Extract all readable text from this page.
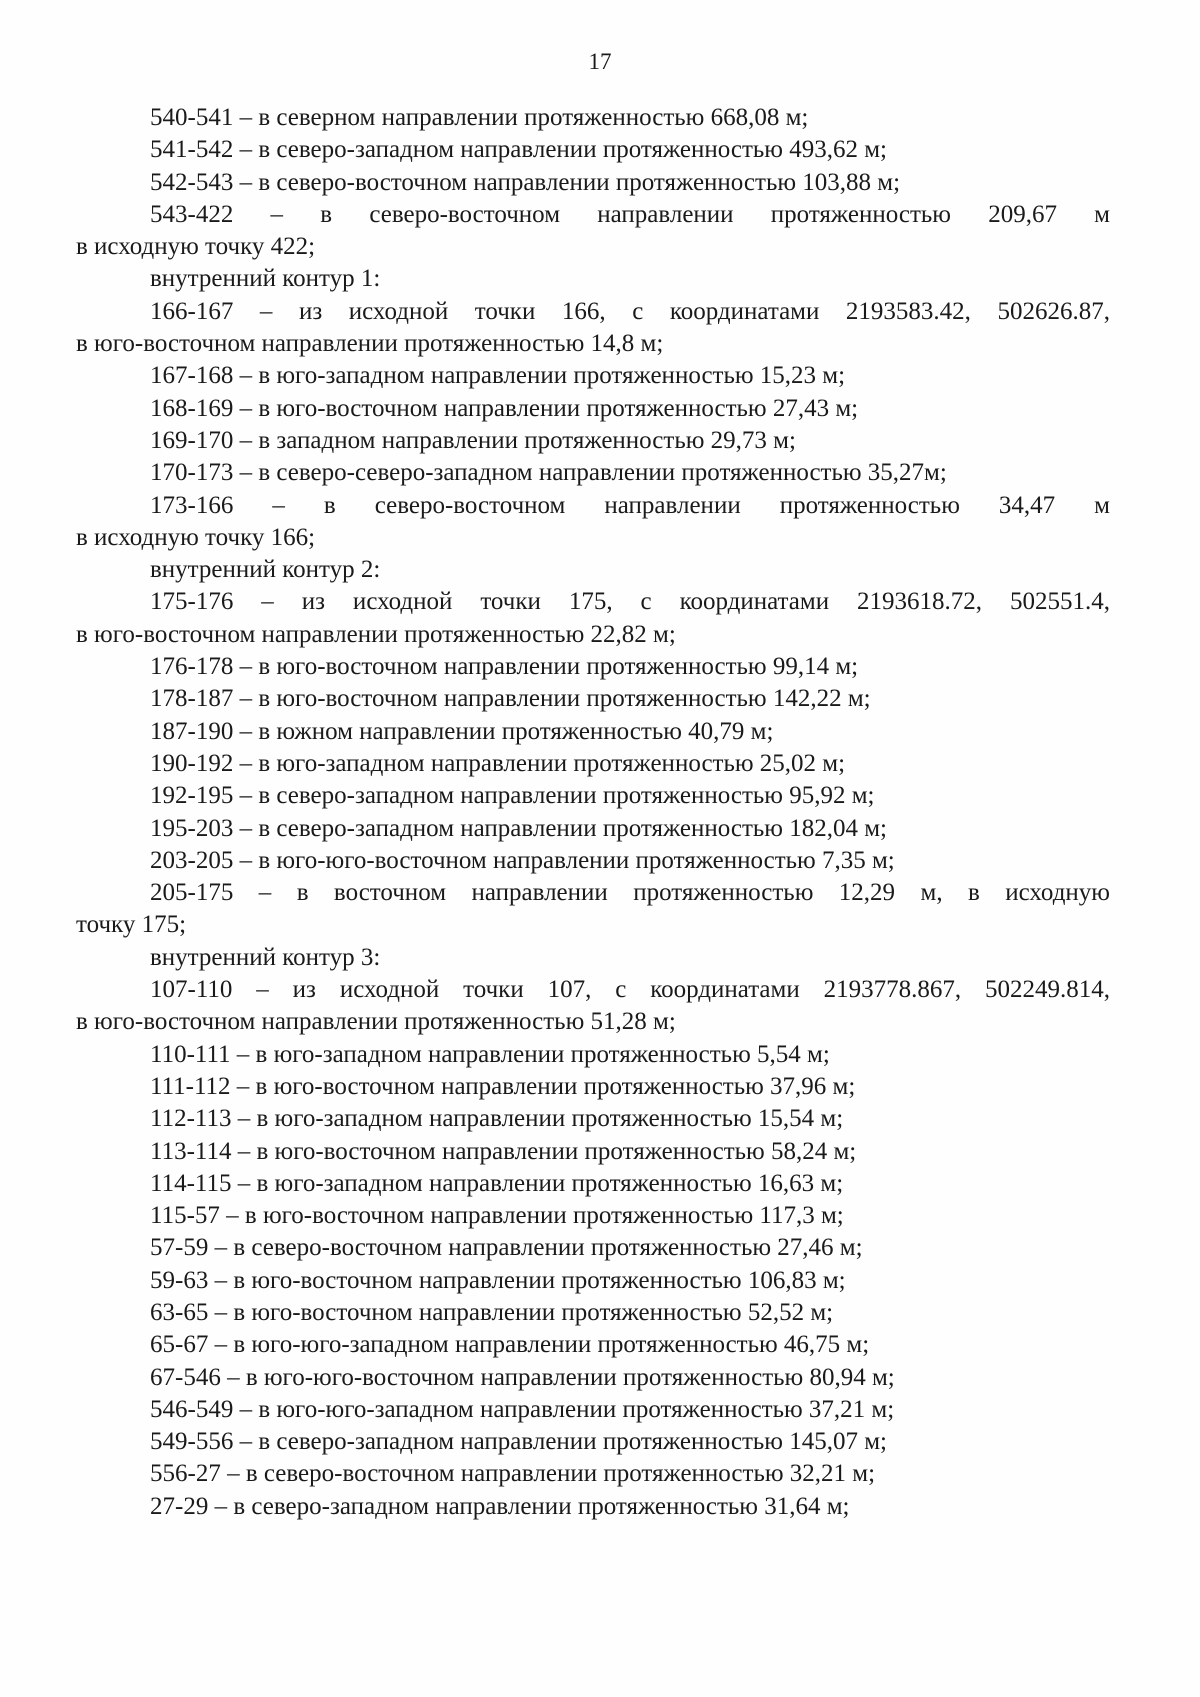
17
540-541 – в северном направлении протяженностью 668,08 м;
541-542 – в северо-западном направлении протяженностью 493,62 м;
542-543 – в северо-восточном направлении протяженностью 103,88 м;
543-422 – в северо-восточном направлении протяженностью 209,67 м
в исходную точку 422;
внутренний контур 1:
166-167 – из исходной точки 166, с координатами 2193583.42, 502626.87,
в юго-восточном направлении протяженностью 14,8 м;
167-168 – в юго-западном направлении протяженностью 15,23 м;
168-169 – в юго-восточном направлении протяженностью 27,43 м;
169-170 – в западном направлении протяженностью 29,73 м;
170-173 – в северо-северо-западном направлении протяженностью 35,27м;
173-166 – в северо-восточном направлении протяженностью 34,47 м
в исходную точку 166;
внутренний контур 2:
175-176 – из исходной точки 175, с координатами 2193618.72, 502551.4,
в юго-восточном направлении протяженностью 22,82 м;
176-178 – в юго-восточном направлении протяженностью 99,14 м;
178-187 – в юго-восточном направлении протяженностью 142,22 м;
187-190 – в южном направлении протяженностью 40,79 м;
190-192 – в юго-западном направлении протяженностью 25,02 м;
192-195 – в северо-западном направлении протяженностью 95,92 м;
195-203 – в северо-западном направлении протяженностью 182,04 м;
203-205 – в юго-юго-восточном направлении протяженностью 7,35 м;
205-175 – в восточном направлении протяженностью 12,29 м, в исходную
точку 175;
внутренний контур 3:
107-110 – из исходной точки 107, с координатами 2193778.867, 502249.814,
в юго-восточном направлении протяженностью 51,28 м;
110-111 – в юго-западном направлении протяженностью 5,54 м;
111-112 – в юго-восточном направлении протяженностью 37,96 м;
112-113 – в юго-западном направлении протяженностью 15,54 м;
113-114 – в юго-восточном направлении протяженностью 58,24 м;
114-115 – в юго-западном направлении протяженностью 16,63 м;
115-57 – в юго-восточном направлении протяженностью 117,3 м;
57-59 – в северо-восточном направлении протяженностью 27,46 м;
59-63 – в юго-восточном направлении протяженностью 106,83 м;
63-65 – в юго-восточном направлении протяженностью 52,52 м;
65-67 – в юго-юго-западном направлении протяженностью 46,75 м;
67-546 – в юго-юго-восточном направлении протяженностью 80,94 м;
546-549 – в юго-юго-западном направлении протяженностью 37,21 м;
549-556 – в северо-западном направлении протяженностью 145,07 м;
556-27 – в северо-восточном направлении протяженностью 32,21 м;
27-29 – в северо-западном направлении протяженностью 31,64 м;
